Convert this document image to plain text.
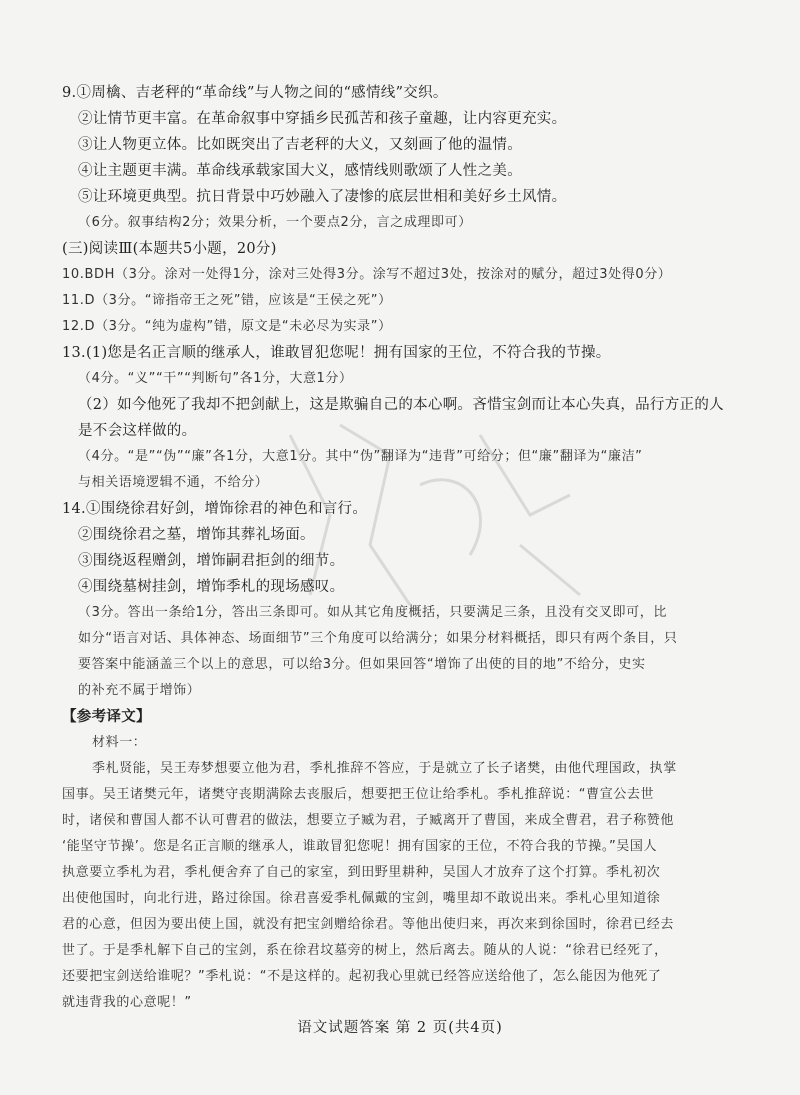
9.①周檎、吉老秤的“革命线”与人物之间的“感情线”交织。
②让情节更丰富。在革命叙事中穿插乡民孤苦和孩子童趣，让内容更充实。
③让人物更立体。比如既突出了吉老秤的大义，又刻画了他的温情。
④让主题更丰满。革命线承载家国大义，感情线则歌颂了人性之美。
⑤让环境更典型。抗日背景中巧妙融入了凄惨的底层世相和美好乡土风情。
（6分。叙事结构2分；效果分析，一个要点2分，言之成理即可）
(三)阅读Ⅲ(本题共5小题，20分)
10.BDH（3分。涂对一处得1分，涂对三处得3分。涂写不超过3处，按涂对的赋分，超过3处得0分）
11.D（3分。“谛指帝王之死”错，应该是“王侯之死”）
12.D（3分。“纯为虚构”错，原文是“未必尽为实录”）
13.(1)您是名正言顺的继承人，谁敢冒犯您呢！拥有国家的王位，不符合我的节操。
（4分。“义”“干”“判断句”各1分，大意1分）
（2）如今他死了我却不把剑献上，这是欺骗自己的本心啊。吝惜宝剑而让本心失真，品行方正的人
是不会这样做的。
（4分。“是”“伪”“廉”各1分，大意1分。其中“伪”翻译为“违背”可给分；但“廉”翻译为“廉洁”
与相关语境逻辑不通，不给分）
14.①围绕徐君好剑，增饰徐君的神色和言行。
②围绕徐君之墓，增饰其葬礼场面。
③围绕返程赠剑，增饰嗣君拒剑的细节。
④围绕墓树挂剑，增饰季札的现场感叹。
（3分。答出一条给1分，答出三条即可。如从其它角度概括，只要满足三条，且没有交叉即可，比
如分“语言对话、具体神态、场面细节”三个角度可以给满分；如果分材料概括，即只有两个条目，只
要答案中能涵盖三个以上的意思，可以给3分。但如果回答“增饰了出使的目的地”不给分，史实
的补充不属于增饰）
【参考译文】
材料一：
季札贤能，吴王寿梦想要立他为君，季札推辞不答应，于是就立了长子诸樊，由他代理国政，执掌
国事。吴王诸樊元年，诸樊守丧期满除去丧服后，想要把王位让给季札。季札推辞说：“曹宣公去世
时，诸侯和曹国人都不认可曹君的做法，想要立子臧为君，子臧离开了曹国，来成全曹君，君子称赞他
‘能坚守节操’。您是名正言顺的继承人，谁敢冒犯您呢！拥有国家的王位，不符合我的节操。”吴国人
执意要立季札为君，季札便舍弃了自己的家室，到田野里耕种，吴国人才放弃了这个打算。季札初次
出使他国时，向北行进，路过徐国。徐君喜爱季札佩戴的宝剑，嘴里却不敢说出来。季札心里知道徐
君的心意，但因为要出使上国，就没有把宝剑赠给徐君。等他出使归来，再次来到徐国时，徐君已经去
世了。于是季札解下自己的宝剑，系在徐君坟墓旁的树上，然后离去。随从的人说：“徐君已经死了，
还要把宝剑送给谁呢？”季札说：“不是这样的。起初我心里就已经答应送给他了，怎么能因为他死了
就违背我的心意呢！”
语文试题答案 第 2 页(共4页)
